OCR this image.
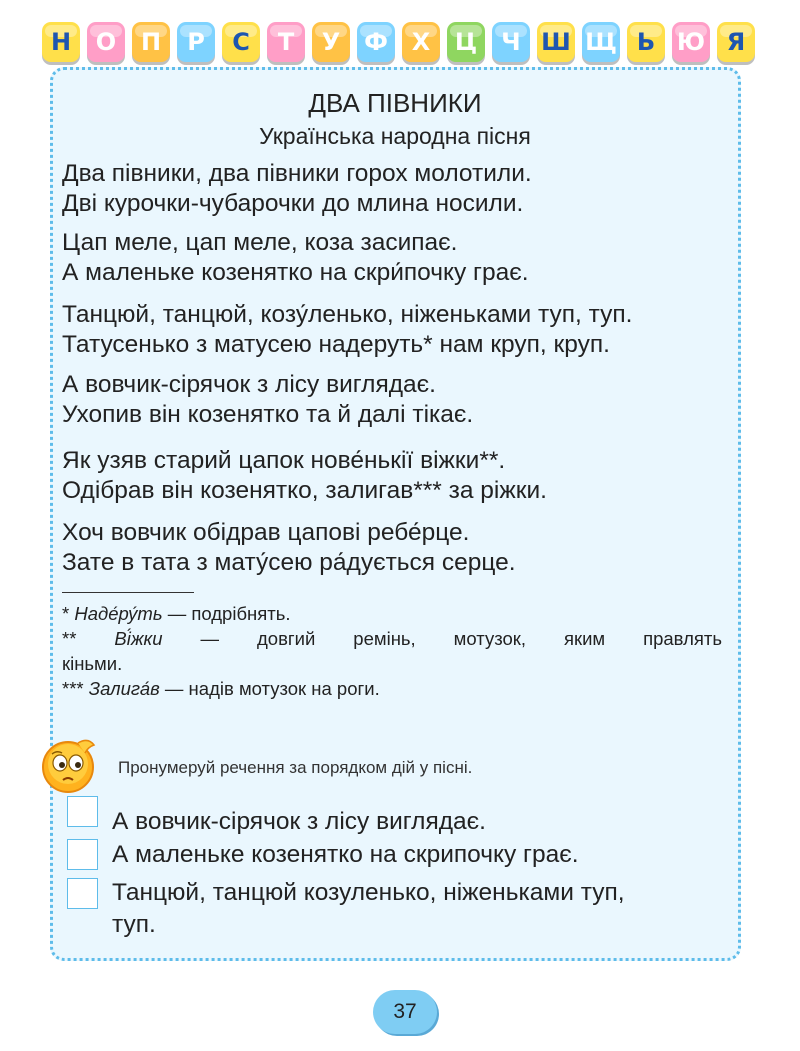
Н	О	П	Р	С	Т	У Ф Х	Ц	Ч Ш Щ Ь Ю Я
ДВА ПІВНИКИ
Українська народна пісня
Два півники, два півники горох молотили.
Дві курочки-чубарочки до млина носили.
Цап меле, цап меле, коза засипає.
А маленьке козенятко на скри́почку грає.
Танцюй, танцюй, козу́ленько, ніженьками туп, туп.
Татусенько з матусею надеруть* нам круп, круп.
А вовчик-сірячок з лісу виглядає.
Ухопив він козенятко та й далі тікає.
Як узяв старий цапок нове́нькії віжки**.
Одібрав він козенятко, залигав*** за ріжки.
Хоч вовчик обідрав цапові ребе́рце.
Зате в тата з мату́сею ра́дується серце.
* Наде́ру́ть — подрібнять.
** Ві́жки — довгий ремінь, мотузок, яким правлять
кіньми.
*** Залига́в — надів мотузок на роги.
Пронумеруй речення за порядком дій у пісні.
А вовчик-сірячок з лісу виглядає.
А маленьке козенятко на скрипочку грає.
Танцюй, танцюй козуленько, ніженьками туп,
туп.
37
